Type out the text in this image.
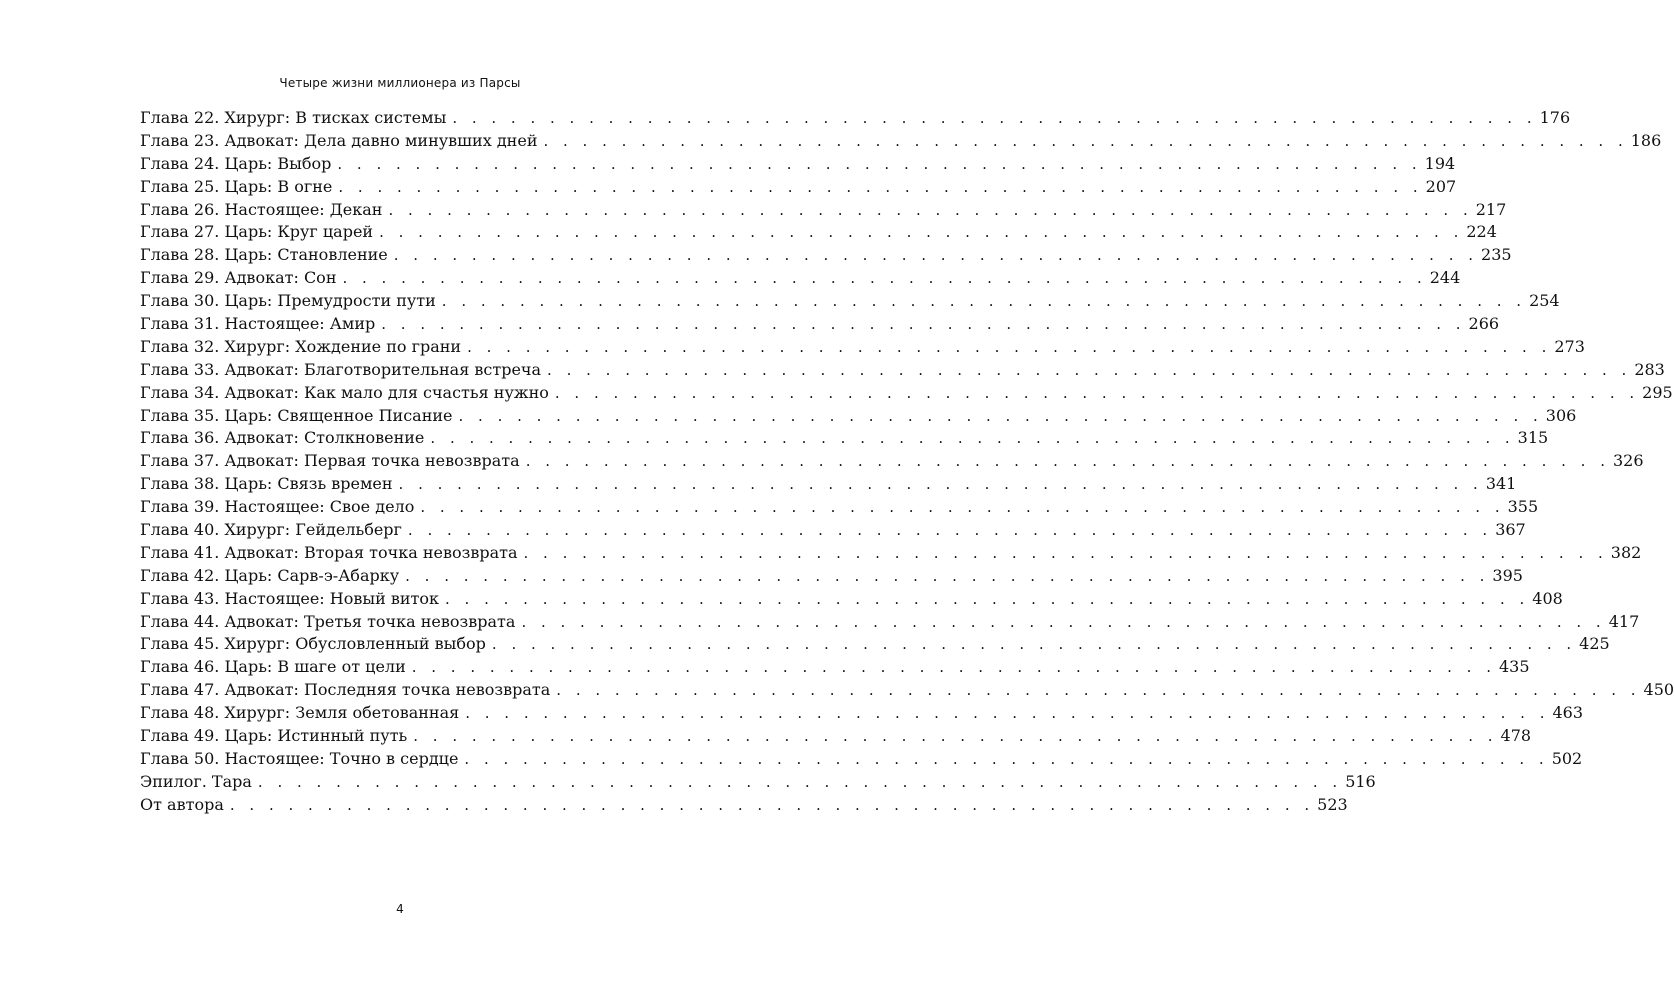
Четыре жизни миллионера из Парсы
Глава 22. Хирург: В тисках системы . . . . . . . . . . . . . . . . . . . . . . . . . . . . . . . . . . . . . . . . . . . . . . . . . . . . . . . . 176
Глава 23. Адвокат: Дела давно минувших дней . . . . . . . . . . . . . . . . . . . . . . . . . . . . . . . . . . . . . . . . . . . . . . . . . . . . . . . . 186
Глава 24. Царь: Выбор . . . . . . . . . . . . . . . . . . . . . . . . . . . . . . . . . . . . . . . . . . . . . . . . . . . . . . . . 194
Глава 25. Царь: В огне . . . . . . . . . . . . . . . . . . . . . . . . . . . . . . . . . . . . . . . . . . . . . . . . . . . . . . . . 207
Глава 26. Настоящее: Декан . . . . . . . . . . . . . . . . . . . . . . . . . . . . . . . . . . . . . . . . . . . . . . . . . . . . . . . . 217
Глава 27. Царь: Круг царей . . . . . . . . . . . . . . . . . . . . . . . . . . . . . . . . . . . . . . . . . . . . . . . . . . . . . . . . 224
Глава 28. Царь: Становление . . . . . . . . . . . . . . . . . . . . . . . . . . . . . . . . . . . . . . . . . . . . . . . . . . . . . . . . 235
Глава 29. Адвокат: Сон . . . . . . . . . . . . . . . . . . . . . . . . . . . . . . . . . . . . . . . . . . . . . . . . . . . . . . . . 244
Глава 30. Царь: Премудрости пути . . . . . . . . . . . . . . . . . . . . . . . . . . . . . . . . . . . . . . . . . . . . . . . . . . . . . . . . 254
Глава 31. Настоящее: Амир . . . . . . . . . . . . . . . . . . . . . . . . . . . . . . . . . . . . . . . . . . . . . . . . . . . . . . . . 266
Глава 32. Хирург: Хождение по грани . . . . . . . . . . . . . . . . . . . . . . . . . . . . . . . . . . . . . . . . . . . . . . . . . . . . . . . . 273
Глава 33. Адвокат: Благотворительная встреча . . . . . . . . . . . . . . . . . . . . . . . . . . . . . . . . . . . . . . . . . . . . . . . . . . . . . . . . 283
Глава 34. Адвокат: Как мало для счастья нужно . . . . . . . . . . . . . . . . . . . . . . . . . . . . . . . . . . . . . . . . . . . . . . . . . . . . . . . . 295
Глава 35. Царь: Священное Писание . . . . . . . . . . . . . . . . . . . . . . . . . . . . . . . . . . . . . . . . . . . . . . . . . . . . . . . . 306
Глава 36. Адвокат: Столкновение . . . . . . . . . . . . . . . . . . . . . . . . . . . . . . . . . . . . . . . . . . . . . . . . . . . . . . . . 315
Глава 37. Адвокат: Первая точка невозврата . . . . . . . . . . . . . . . . . . . . . . . . . . . . . . . . . . . . . . . . . . . . . . . . . . . . . . . . 326
Глава 38. Царь: Связь времен . . . . . . . . . . . . . . . . . . . . . . . . . . . . . . . . . . . . . . . . . . . . . . . . . . . . . . . . 341
Глава 39. Настоящее: Свое дело . . . . . . . . . . . . . . . . . . . . . . . . . . . . . . . . . . . . . . . . . . . . . . . . . . . . . . . . 355
Глава 40. Хирург: Гейдельберг . . . . . . . . . . . . . . . . . . . . . . . . . . . . . . . . . . . . . . . . . . . . . . . . . . . . . . . . 367
Глава 41. Адвокат: Вторая точка невозврата . . . . . . . . . . . . . . . . . . . . . . . . . . . . . . . . . . . . . . . . . . . . . . . . . . . . . . . . 382
Глава 42. Царь: Сарв-э-Абарку . . . . . . . . . . . . . . . . . . . . . . . . . . . . . . . . . . . . . . . . . . . . . . . . . . . . . . . . 395
Глава 43. Настоящее: Новый виток . . . . . . . . . . . . . . . . . . . . . . . . . . . . . . . . . . . . . . . . . . . . . . . . . . . . . . . . 408
Глава 44. Адвокат: Третья точка невозврата . . . . . . . . . . . . . . . . . . . . . . . . . . . . . . . . . . . . . . . . . . . . . . . . . . . . . . . . 417
Глава 45. Хирург: Обусловленный выбор . . . . . . . . . . . . . . . . . . . . . . . . . . . . . . . . . . . . . . . . . . . . . . . . . . . . . . . . 425
Глава 46. Царь: В шаге от цели . . . . . . . . . . . . . . . . . . . . . . . . . . . . . . . . . . . . . . . . . . . . . . . . . . . . . . . . 435
Глава 47. Адвокат: Последняя точка невозврата . . . . . . . . . . . . . . . . . . . . . . . . . . . . . . . . . . . . . . . . . . . . . . . . . . . . . . . . 450
Глава 48. Хирург: Земля обетованная . . . . . . . . . . . . . . . . . . . . . . . . . . . . . . . . . . . . . . . . . . . . . . . . . . . . . . . . 463
Глава 49. Царь: Истинный путь . . . . . . . . . . . . . . . . . . . . . . . . . . . . . . . . . . . . . . . . . . . . . . . . . . . . . . . . 478
Глава 50. Настоящее: Точно в сердце . . . . . . . . . . . . . . . . . . . . . . . . . . . . . . . . . . . . . . . . . . . . . . . . . . . . . . . . 502
Эпилог. Тара . . . . . . . . . . . . . . . . . . . . . . . . . . . . . . . . . . . . . . . . . . . . . . . . . . . . . . . . 516
От автора . . . . . . . . . . . . . . . . . . . . . . . . . . . . . . . . . . . . . . . . . . . . . . . . . . . . . . . . 523
4
